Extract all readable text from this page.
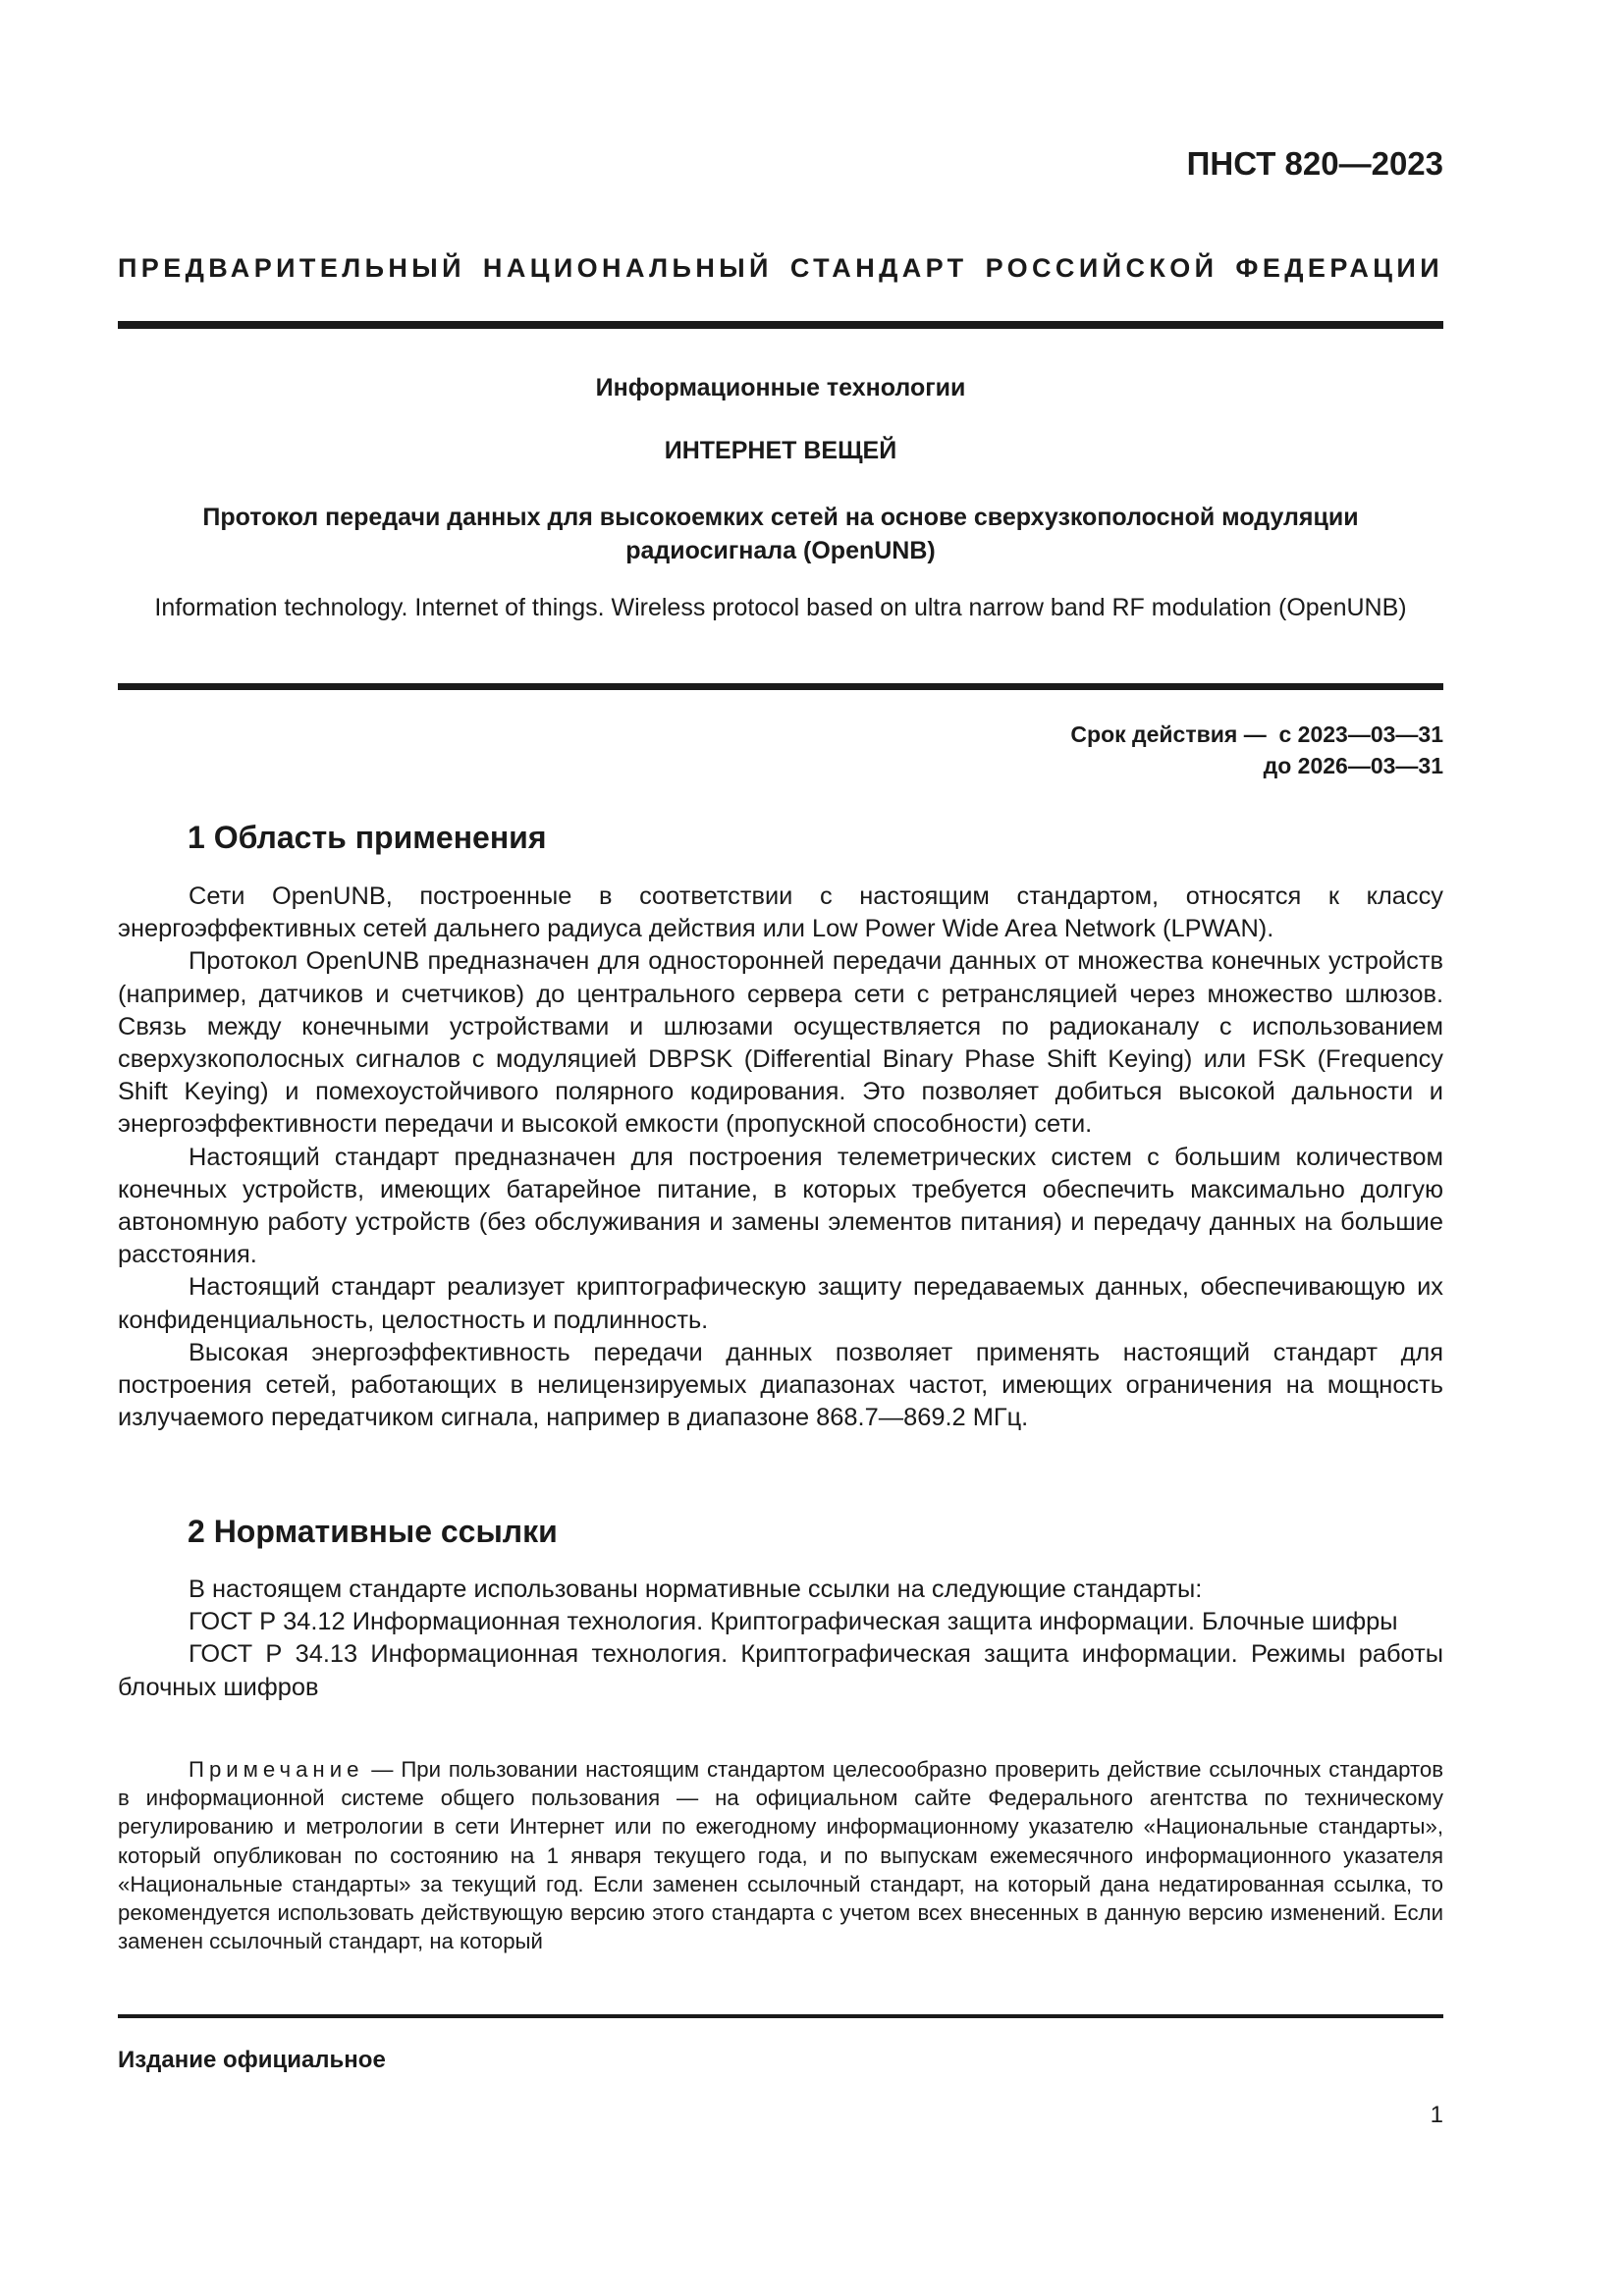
ПНСТ 820—2023
ПРЕДВАРИТЕЛЬНЫЙ НАЦИОНАЛЬНЫЙ СТАНДАРТ РОССИЙСКОЙ ФЕДЕРАЦИИ
Информационные технологии
ИНТЕРНЕТ ВЕЩЕЙ
Протокол передачи данных для высокоемких сетей на основе сверхузкополосной модуляции радиосигнала (OpenUNB)
Information technology. Internet of things. Wireless protocol based on ultra narrow band RF modulation (OpenUNB)
Срок действия — с 2023—03—31
до 2026—03—31
1 Область применения

Сети OpenUNB, построенные в соответствии с настоящим стандартом, относятся к классу энергоэффективных сетей дальнего радиуса действия или Low Power Wide Area Network (LPWAN).

Протокол OpenUNB предназначен для односторонней передачи данных от множества конечных устройств (например, датчиков и счетчиков) до центрального сервера сети с ретрансляцией через множество шлюзов. Связь между конечными устройствами и шлюзами осуществляется по радиоканалу с использованием сверхузкополосных сигналов с модуляцией DBPSK (Differential Binary Phase Shift Keying) или FSK (Frequency Shift Keying) и помехоустойчивого полярного кодирования. Это позволяет добиться высокой дальности и энергоэффективности передачи и высокой емкости (пропускной способности) сети.

Настоящий стандарт предназначен для построения телеметрических систем с большим количеством конечных устройств, имеющих батарейное питание, в которых требуется обеспечить максимально долгую автономную работу устройств (без обслуживания и замены элементов питания) и передачу данных на большие расстояния.

Настоящий стандарт реализует криптографическую защиту передаваемых данных, обеспечивающую их конфиденциальность, целостность и подлинность.

Высокая энергоэффективность передачи данных позволяет применять настоящий стандарт для построения сетей, работающих в нелицензируемых диапазонах частот, имеющих ограничения на мощность излучаемого передатчиком сигнала, например в диапазоне 868.7—869.2 МГц.

2 Нормативные ссылки

В настоящем стандарте использованы нормативные ссылки на следующие стандарты:

ГОСТ Р 34.12 Информационная технология. Криптографическая защита информации. Блочные шифры

ГОСТ Р 34.13 Информационная технология. Криптографическая защита информации. Режимы работы блочных шифров

Примечание — При пользовании настоящим стандартом целесообразно проверить действие ссылочных стандартов в информационной системе общего пользования — на официальном сайте Федерального агентства по техническому регулированию и метрологии в сети Интернет или по ежегодному информационному указателю «Национальные стандарты», который опубликован по состоянию на 1 января текущего года, и по выпускам ежемесячного информационного указателя «Национальные стандарты» за текущий год. Если заменен ссылочный стандарт, на который дана недатированная ссылка, то рекомендуется использовать действующую версию этого стандарта с учетом всех внесенных в данную версию изменений. Если заменен ссылочный стандарт, на который

Издание официальное
1
